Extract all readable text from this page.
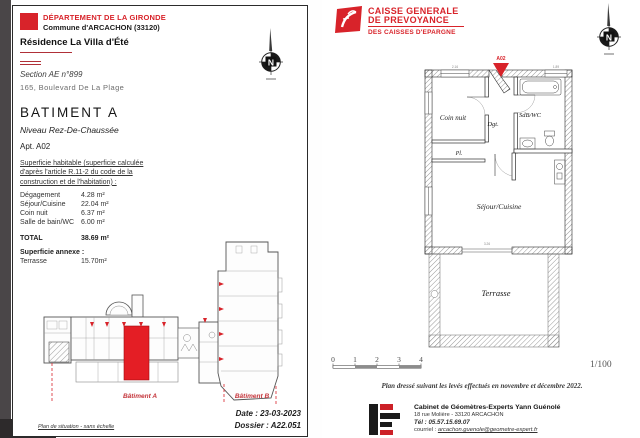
DÉPARTEMENT DE LA GIRONDE
Commune d'ARCACHON (33120)
Résidence La Villa d'Été
Section AE n°899
165, Boulevard De La Plage
BATIMENT A
Niveau Rez-De-Chaussée
Apt. A02
Superficie habitable (superficie calculée
d'après l'article R.11-2 du code de la
construction et de l'habitation) :
Dégagement	4.28 m²
Séjour/Cuisine 22.04 m²
Coin nuit	6.37 m²
Salle de bain/WC 6.00 m²
TOTAL	38.69 m²
Superficie annexe :
Terrasse	15.70m²
N
Bâtiment A	Bâtiment B
Date : 23-03-2023
Dossier : A22.051
Plan de situation - sans échelle
CAISSE GENERALE
DE PREVOYANCE
DES CAISSES D'EPARGNE	N
A02
2.16	1.89
3.26
Coin nuit
Dgt.
SdB/WC
Pl.
Séjour/Cuisine
Terrasse
0 1 2 3 4
1/100
Plan dressé suivant les levés effectués en novembre et décembre 2022.
Cabinet de Géomètres-Experts Yann Guénolé
18 rue Molière - 33120 ARCACHON
Tél : 05.57.15.69.07
courriel : arcachon.guenole@geometre-expert.fr
